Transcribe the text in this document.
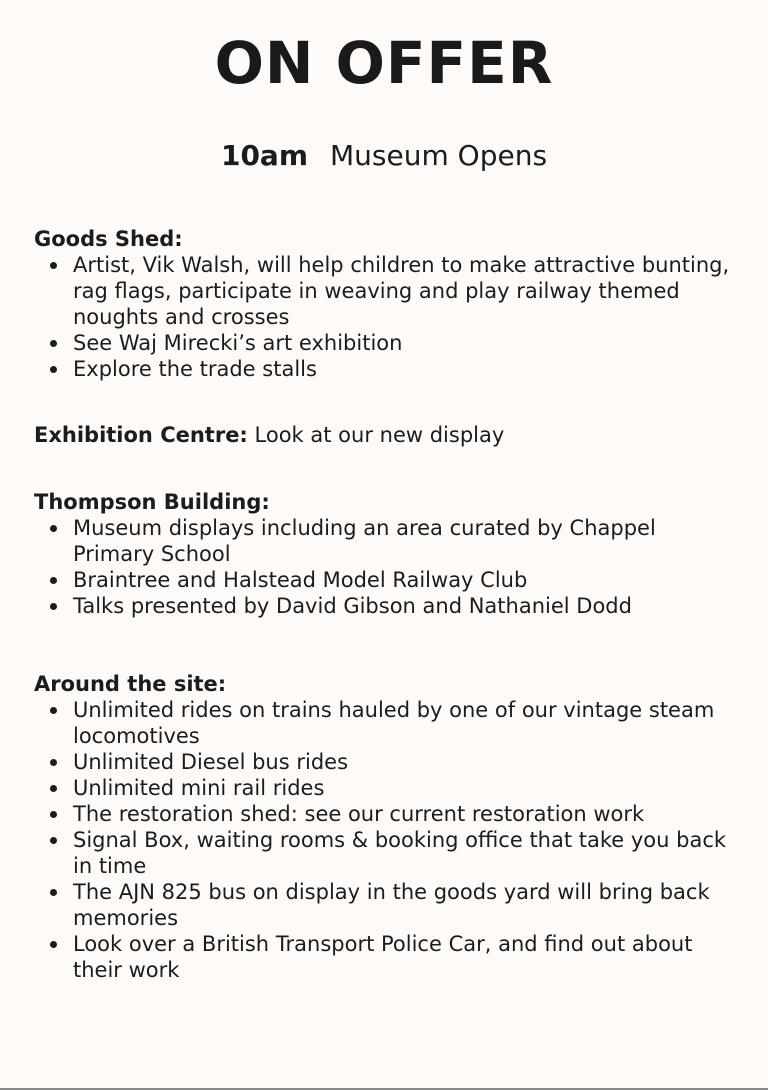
ON OFFER
10am Museum Opens

Goods Shed:

Artist, Vik Walsh, will help children to make attractive bunting, rag flags, participate in weaving and play railway themed noughts and crosses
See Waj Mirecki’s art exhibition
Explore the trade stalls
Exhibition Centre: Look at our new display

Thompson Building:

Museum displays including an area curated by Chappel Primary School
Braintree and Halstead Model Railway Club
Talks presented by David Gibson and Nathaniel Dodd

Around the site:

Unlimited rides on trains hauled by one of our vintage steam locomotives
Unlimited Diesel bus rides
Unlimited mini rail rides
The restoration shed: see our current restoration work
Signal Box, waiting rooms & booking office that take you back in time
The AJN 825 bus on display in the goods yard will bring back memories
Look over a British Transport Police Car, and find out about their work
